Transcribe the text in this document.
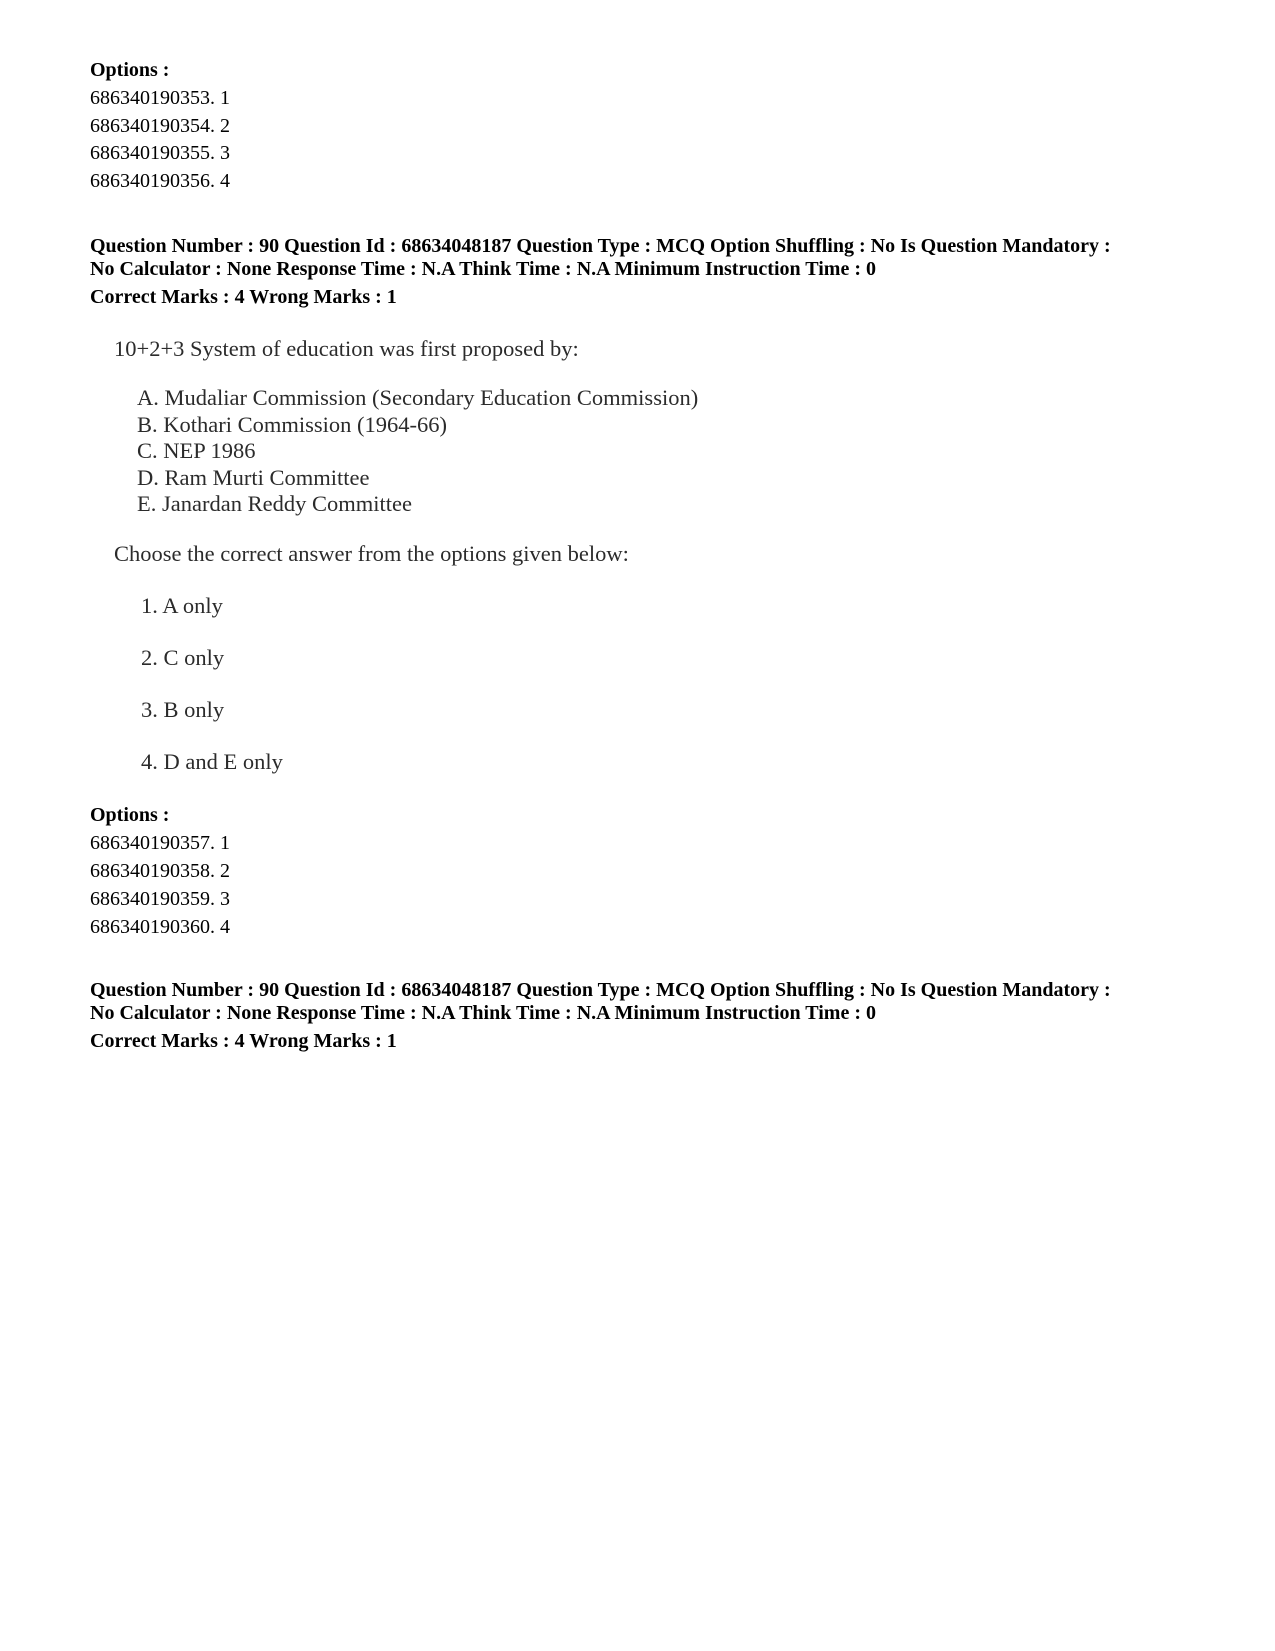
Options :
686340190353. 1
686340190354. 2
686340190355. 3
686340190356. 4
Question Number : 90 Question Id : 68634048187 Question Type : MCQ Option Shuffling : No Is Question Mandatory :
No Calculator : None Response Time : N.A Think Time : N.A Minimum Instruction Time : 0
Correct Marks : 4 Wrong Marks : 1
10+2+3 System of education was first proposed by:
A. Mudaliar Commission (Secondary Education Commission)
B. Kothari Commission (1964-66)
C. NEP 1986
D. Ram Murti Committee
E. Janardan Reddy Committee
Choose the correct answer from the options given below:
1. A only
2. C only
3. B only
4. D and E only
Options :
686340190357. 1
686340190358. 2
686340190359. 3
686340190360. 4
Question Number : 90 Question Id : 68634048187 Question Type : MCQ Option Shuffling : No Is Question Mandatory :
No Calculator : None Response Time : N.A Think Time : N.A Minimum Instruction Time : 0
Correct Marks : 4 Wrong Marks : 1
